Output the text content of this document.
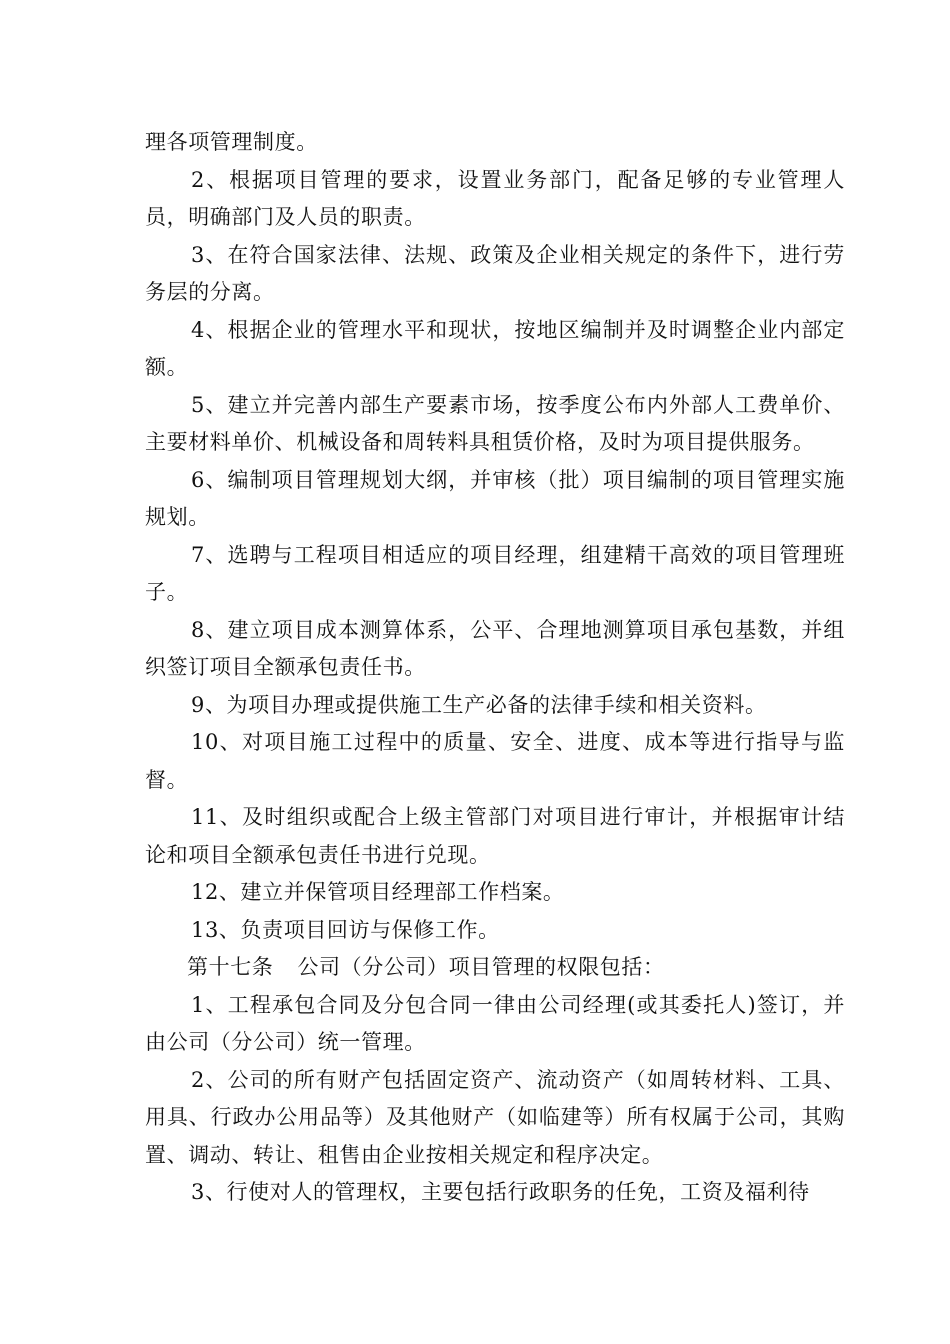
理各项管理制度。

2、根据项目管理的要求，设置业务部门，配备足够的专业管理人员，明确部门及人员的职责。

3、在符合国家法律、法规、政策及企业相关规定的条件下，进行劳务层的分离。

4、根据企业的管理水平和现状，按地区编制并及时调整企业内部定额。

5、建立并完善内部生产要素市场，按季度公布内外部人工费单价、主要材料单价、机械设备和周转料具租赁价格，及时为项目提供服务。

6、编制项目管理规划大纲，并审核（批）项目编制的项目管理实施规划。

7、选聘与工程项目相适应的项目经理，组建精干高效的项目管理班子。

8、建立项目成本测算体系，公平、合理地测算项目承包基数，并组织签订项目全额承包责任书。

9、为项目办理或提供施工生产必备的法律手续和相关资料。

10、对项目施工过程中的质量、安全、进度、成本等进行指导与监督。

11、及时组织或配合上级主管部门对项目进行审计，并根据审计结论和项目全额承包责任书进行兑现。

12、建立并保管项目经理部工作档案。

13、负责项目回访与保修工作。

第十七条 公司（分公司）项目管理的权限包括：

1、工程承包合同及分包合同一律由公司经理(或其委托人)签订，并由公司（分公司）统一管理。

2、公司的所有财产包括固定资产、流动资产（如周转材料、工具、用具、行政办公用品等）及其他财产（如临建等）所有权属于公司，其购置、调动、转让、租售由企业按相关规定和程序决定。

3、行使对人的管理权，主要包括行政职务的任免，工资及福利待
